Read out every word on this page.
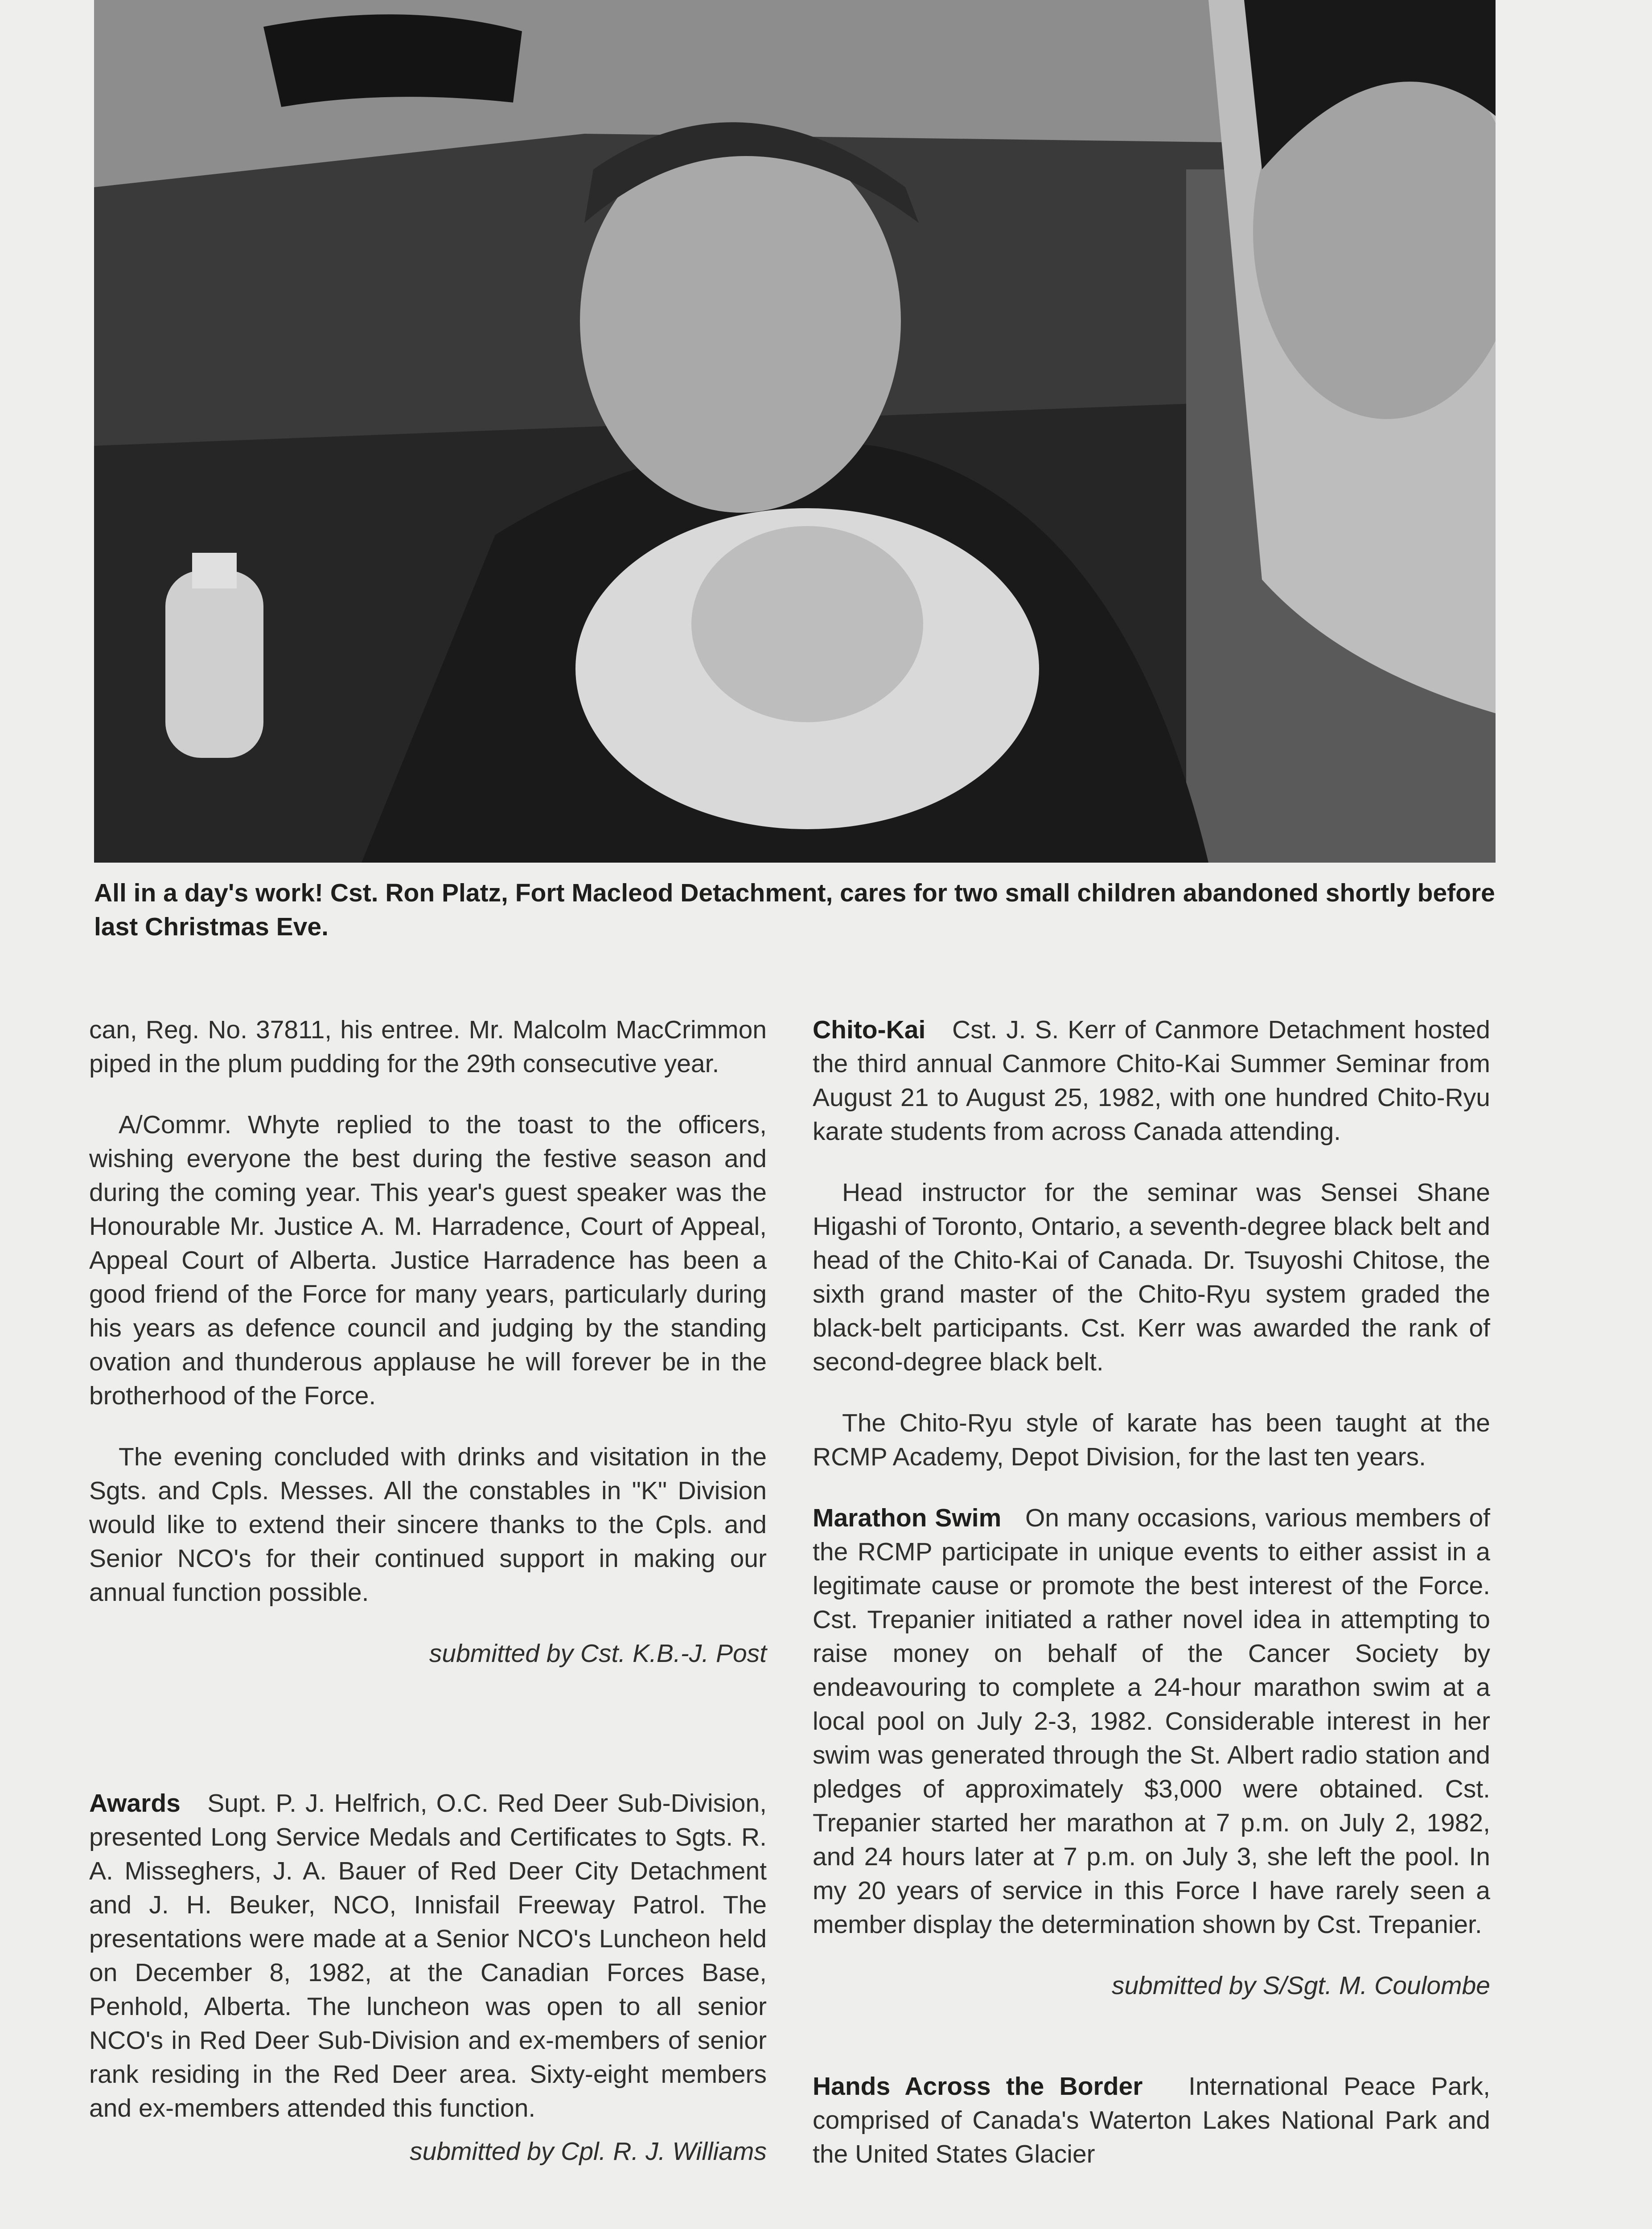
All in a day's work! Cst. Ron Platz, Fort Macleod Detachment, cares for two small children abandoned shortly before last Christmas Eve.

can, Reg. No. 37811, his entree. Mr. Malcolm MacCrimmon piped in the plum pudding for the 29th consecutive year.

A/Commr. Whyte replied to the toast to the officers, wishing everyone the best during the festive season and during the coming year. This year's guest speaker was the Honourable Mr. Justice A. M. Harradence, Court of Appeal, Appeal Court of Alberta. Justice Harradence has been a good friend of the Force for many years, particularly during his years as defence council and judging by the standing ovation and thunderous applause he will forever be in the brotherhood of the Force.

The evening concluded with drinks and visitation in the Sgts. and Cpls. Messes. All the constables in "K" Division would like to extend their sincere thanks to the Cpls. and Senior NCO's for their continued support in making our annual function possible.

submitted by Cst. K.B.-J. Post

Awards Supt. P. J. Helfrich, O.C. Red Deer Sub-Division, presented Long Service Medals and Certificates to Sgts. R. A. Misseghers, J. A. Bauer of Red Deer City Detachment and J. H. Beuker, NCO, Innisfail Freeway Patrol. The presentations were made at a Senior NCO's Luncheon held on December 8, 1982, at the Canadian Forces Base, Penhold, Alberta. The luncheon was open to all senior NCO's in Red Deer Sub-Division and ex-members of senior rank residing in the Red Deer area. Sixty-eight members and ex-members attended this function.

submitted by Cpl. R. J. Williams

Chito-Kai Cst. J. S. Kerr of Canmore Detachment hosted the third annual Canmore Chito-Kai Summer Seminar from August 21 to August 25, 1982, with one hundred Chito-Ryu karate students from across Canada attending.

Head instructor for the seminar was Sensei Shane Higashi of Toronto, Ontario, a seventh-degree black belt and head of the Chito-Kai of Canada. Dr. Tsuyoshi Chitose, the sixth grand master of the Chito-Ryu system graded the black-belt participants. Cst. Kerr was awarded the rank of second-degree black belt.

The Chito-Ryu style of karate has been taught at the RCMP Academy, Depot Division, for the last ten years.

Marathon Swim On many occasions, various members of the RCMP participate in unique events to either assist in a legitimate cause or promote the best interest of the Force. Cst. Trepanier initiated a rather novel idea in attempting to raise money on behalf of the Cancer Society by endeavouring to complete a 24-hour marathon swim at a local pool on July 2-3, 1982. Considerable interest in her swim was generated through the St. Albert radio station and pledges of approximately $3,000 were obtained. Cst. Trepanier started her marathon at 7 p.m. on July 2, 1982, and 24 hours later at 7 p.m. on July 3, she left the pool. In my 20 years of service in this Force I have rarely seen a member display the determination shown by Cst. Trepanier.

submitted by S/Sgt. M. Coulombe

Hands Across the Border International Peace Park, comprised of Canada's Waterton Lakes National Park and the United States Glacier
